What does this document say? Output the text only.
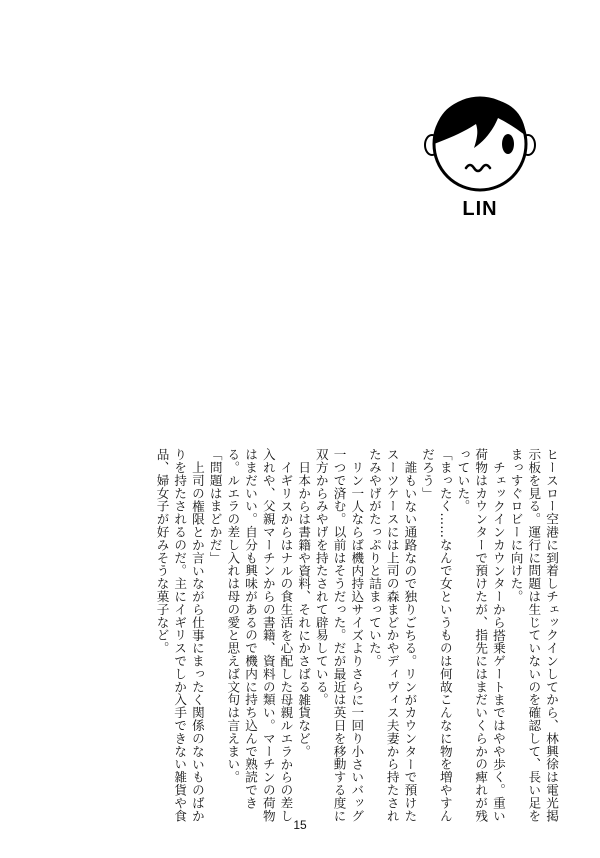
LIN

ヒースロー空港に到着しチェックインしてから、林興徐は電光掲示板を見る。運行に問題は生じていないのを確認して、長い足をまっすぐロビーに向けた。

チェックインカウンターから搭乗ゲートまではやや歩く。重い荷物はカウンターで預けたが、指先にはまだいくらかの痺れが残っていた。

「まったく……なんで女というものは何故こんなに物を増やすんだろう」

誰もいない通路なので独りごちる。リンがカウンターで預けたスーツケースには上司の森まどかやディヴィス夫妻から持たされたみやげがたっぷりと詰まっていた。

リン一人ならば機内持込サイズよりさらに一回り小さいバッグ一つで済む。以前はそうだった。だが最近は英日を移動する度に双方からみやげを持たされて辟易している。

日本からは書籍や資料、それにかさばる雑貨など。

イギリスからはナルの食生活を心配した母親ルエラからの差し入れや、父親マーチンからの書籍、資料の類い。マーチンの荷物はまだいい。自分も興味があるので機内に持ち込んで熟読できる。ルエラの差し入れは母の愛と思えば文句は言えまい。

「問題はまどかだ」

上司の権限とか言いながら仕事にまったく関係のないものばかりを持たされるのだ。主にイギリスでしか入手できない雑貨や食品、婦女子が好みそうな菓子など。

15
